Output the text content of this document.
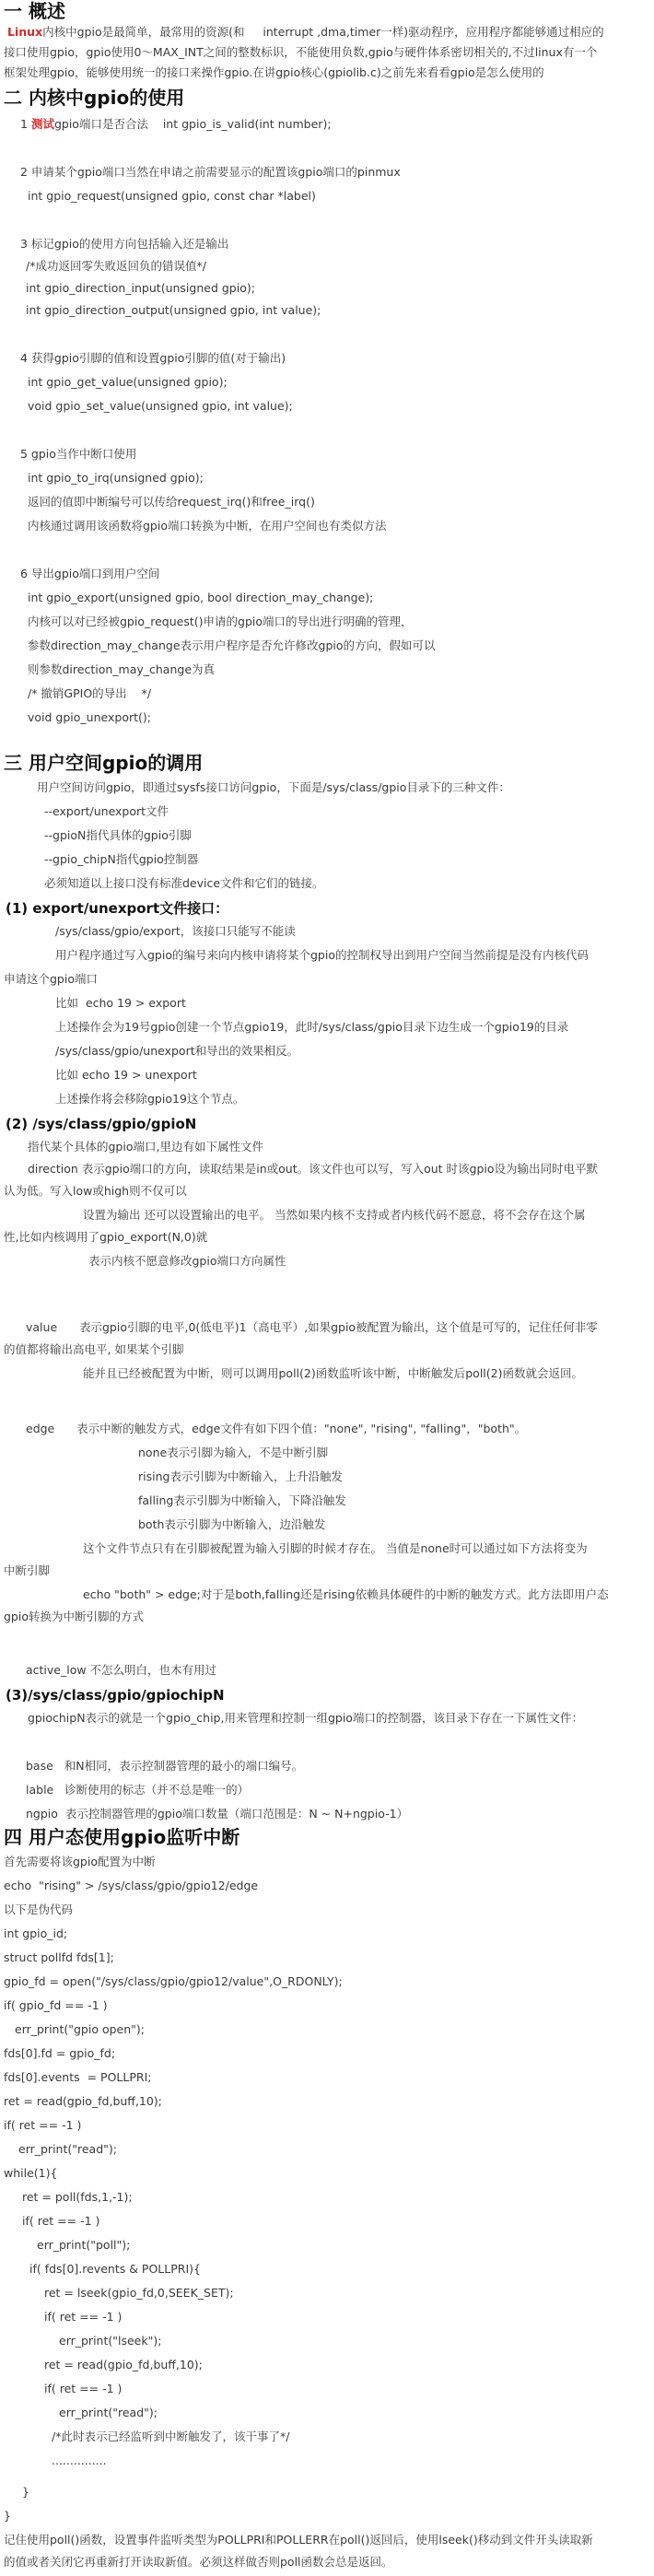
一 概述
Linux内核中gpio是最简单，最常用的资源(和     interrupt ,dma,timer一样)驱动程序，应用程序都能够通过相应的
接口使用gpio，gpio使用0～MAX_INT之间的整数标识，不能使用负数,gpio与硬件体系密切相关的,不过linux有一个
框架处理gpio，能够使用统一的接口来操作gpio.在讲gpio核心(gpiolib.c)之前先来看看gpio是怎么使用的
二 内核中gpio的使用
1 测试gpio端口是否合法    int gpio_is_valid(int number);
2 申请某个gpio端口当然在申请之前需要显示的配置该gpio端口的pinmux
int gpio_request(unsigned gpio, const char *label)
3 标记gpio的使用方向包括输入还是输出
/*成功返回零失败返回负的错误值*/
int gpio_direction_input(unsigned gpio);
int gpio_direction_output(unsigned gpio, int value);
4 获得gpio引脚的值和设置gpio引脚的值(对于输出)
int gpio_get_value(unsigned gpio);
void gpio_set_value(unsigned gpio, int value);
5 gpio当作中断口使用
int gpio_to_irq(unsigned gpio);
返回的值即中断编号可以传给request_irq()和free_irq()
内核通过调用该函数将gpio端口转换为中断，在用户空间也有类似方法
6 导出gpio端口到用户空间
int gpio_export(unsigned gpio, bool direction_may_change);
内核可以对已经被gpio_request()申请的gpio端口的导出进行明确的管理，
参数direction_may_change表示用户程序是否允许修改gpio的方向，假如可以
则参数direction_may_change为真
/* 撤销GPIO的导出    */
void gpio_unexport();
三 用户空间gpio的调用
用户空间访问gpio，即通过sysfs接口访问gpio，下面是/sys/class/gpio目录下的三种文件：
--export/unexport文件
--gpioN指代具体的gpio引脚
--gpio_chipN指代gpio控制器
必须知道以上接口没有标准device文件和它们的链接。
(1) export/unexport文件接口：
/sys/class/gpio/export，该接口只能写不能读
用户程序通过写入gpio的编号来向内核申请将某个gpio的控制权导出到用户空间当然前提是没有内核代码
申请这个gpio端口
比如  echo 19 > export
上述操作会为19号gpio创建一个节点gpio19，此时/sys/class/gpio目录下边生成一个gpio19的目录
/sys/class/gpio/unexport和导出的效果相反。
比如 echo 19 > unexport
上述操作将会移除gpio19这个节点。
(2) /sys/class/gpio/gpioN
指代某个具体的gpio端口,里边有如下属性文件
direction 表示gpio端口的方向，读取结果是in或out。该文件也可以写，写入out 时该gpio设为输出同时电平默
认为低。写入low或high则不仅可以
设置为输出 还可以设置输出的电平。 当然如果内核不支持或者内核代码不愿意，将不会存在这个属
性,比如内核调用了gpio_export(N,0)就
表示内核不愿意修改gpio端口方向属性
value      表示gpio引脚的电平,0(低电平)1（高电平）,如果gpio被配置为输出，这个值是可写的，记住任何非零
的值都将输出高电平, 如果某个引脚
能并且已经被配置为中断，则可以调用poll(2)函数监听该中断，中断触发后poll(2)函数就会返回。
edge      表示中断的触发方式，edge文件有如下四个值："none", "rising", "falling"，"both"。
none表示引脚为输入，不是中断引脚
rising表示引脚为中断输入，上升沿触发
falling表示引脚为中断输入，下降沿触发
both表示引脚为中断输入，边沿触发
这个文件节点只有在引脚被配置为输入引脚的时候才存在。 当值是none时可以通过如下方法将变为
中断引脚
echo "both" > edge;对于是both,falling还是rising依赖具体硬件的中断的触发方式。此方法即用户态
gpio转换为中断引脚的方式
active_low 不怎么明白，也木有用过
(3)/sys/class/gpio/gpiochipN
gpiochipN表示的就是一个gpio_chip,用来管理和控制一组gpio端口的控制器，该目录下存在一下属性文件：
base   和N相同，表示控制器管理的最小的端口编号。
lable   诊断使用的标志（并不总是唯一的）
ngpio  表示控制器管理的gpio端口数量（端口范围是：N ~ N+ngpio-1）
四 用户态使用gpio监听中断
首先需要将该gpio配置为中断
echo  "rising" > /sys/class/gpio/gpio12/edge
以下是伪代码
int gpio_id;
struct pollfd fds[1];
gpio_fd = open("/sys/class/gpio/gpio12/value",O_RDONLY);
if( gpio_fd == -1 )
err_print("gpio open");
fds[0].fd = gpio_fd;
fds[0].events  = POLLPRI;
ret = read(gpio_fd,buff,10);
if( ret == -1 )
err_print("read");
while(1){
ret = poll(fds,1,-1);
if( ret == -1 )
err_print("poll");
if( fds[0].revents & POLLPRI){
ret = lseek(gpio_fd,0,SEEK_SET);
if( ret == -1 )
err_print("lseek");
ret = read(gpio_fd,buff,10);
if( ret == -1 )
err_print("read");
/*此时表示已经监听到中断触发了，该干事了*/
...............
}
}
记住使用poll()函数，设置事件监听类型为POLLPRI和POLLERR在poll()返回后，使用lseek()移动到文件开头读取新
的值或者关闭它再重新打开读取新值。必须这样做否则poll函数会总是返回。
